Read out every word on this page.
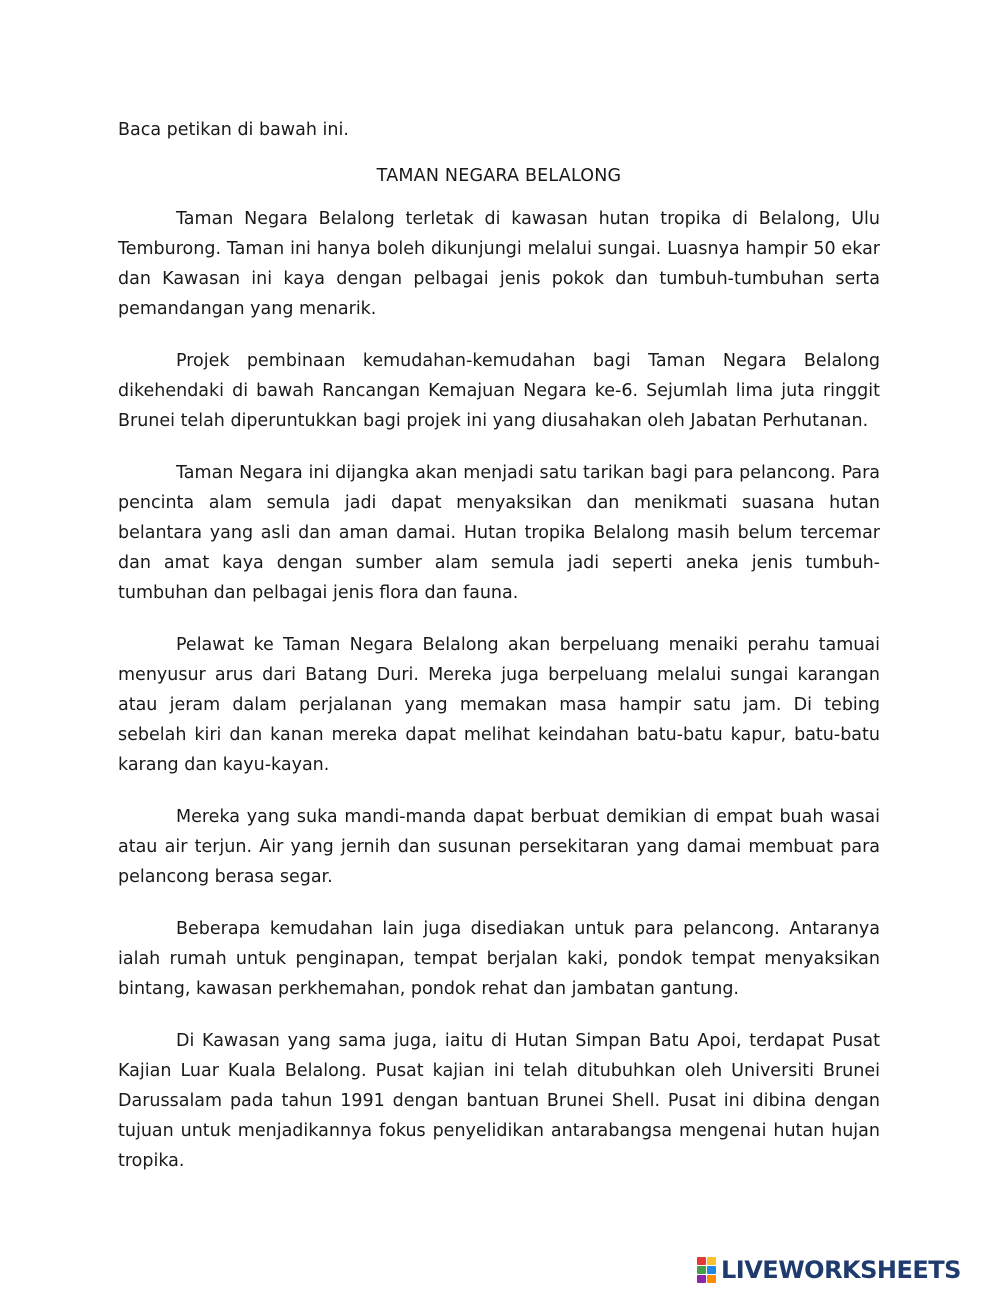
Baca petikan di bawah ini.

TAMAN NEGARA BELALONG

Taman Negara Belalong terletak di kawasan hutan tropika di Belalong, Ulu Temburong. Taman ini hanya boleh dikunjungi melalui sungai. Luasnya hampir 50 ekar dan Kawasan ini kaya dengan pelbagai jenis pokok dan tumbuh-tumbuhan serta pemandangan yang menarik.

Projek pembinaan kemudahan-kemudahan bagi Taman Negara Belalong dikehendaki di bawah Rancangan Kemajuan Negara ke-6. Sejumlah lima juta ringgit Brunei telah diperuntukkan bagi projek ini yang diusahakan oleh Jabatan Perhutanan.

Taman Negara ini dijangka akan menjadi satu tarikan bagi para pelancong. Para pencinta alam semula jadi dapat menyaksikan dan menikmati suasana hutan belantara yang asli dan aman damai. Hutan tropika Belalong masih belum tercemar dan amat kaya dengan sumber alam semula jadi seperti aneka jenis tumbuh-tumbuhan dan pelbagai jenis flora dan fauna.

Pelawat ke Taman Negara Belalong akan berpeluang menaiki perahu tamuai menyusur arus dari Batang Duri. Mereka juga berpeluang melalui sungai karangan atau jeram dalam perjalanan yang memakan masa hampir satu jam. Di tebing sebelah kiri dan kanan mereka dapat melihat keindahan batu-batu kapur, batu-batu karang dan kayu-kayan.

Mereka yang suka mandi-manda dapat berbuat demikian di empat buah wasai atau air terjun. Air yang jernih dan susunan persekitaran yang damai membuat para pelancong berasa segar.

Beberapa kemudahan lain juga disediakan untuk para pelancong. Antaranya ialah rumah untuk penginapan, tempat berjalan kaki, pondok tempat menyaksikan bintang, kawasan perkhemahan, pondok rehat dan jambatan gantung.

Di Kawasan yang sama juga, iaitu di Hutan Simpan Batu Apoi, terdapat Pusat Kajian Luar Kuala Belalong. Pusat kajian ini telah ditubuhkan oleh Universiti Brunei Darussalam pada tahun 1991 dengan bantuan Brunei Shell. Pusat ini dibina dengan tujuan untuk menjadikannya fokus penyelidikan antarabangsa mengenai hutan hujan tropika.

LIVEWORKSHEETS
